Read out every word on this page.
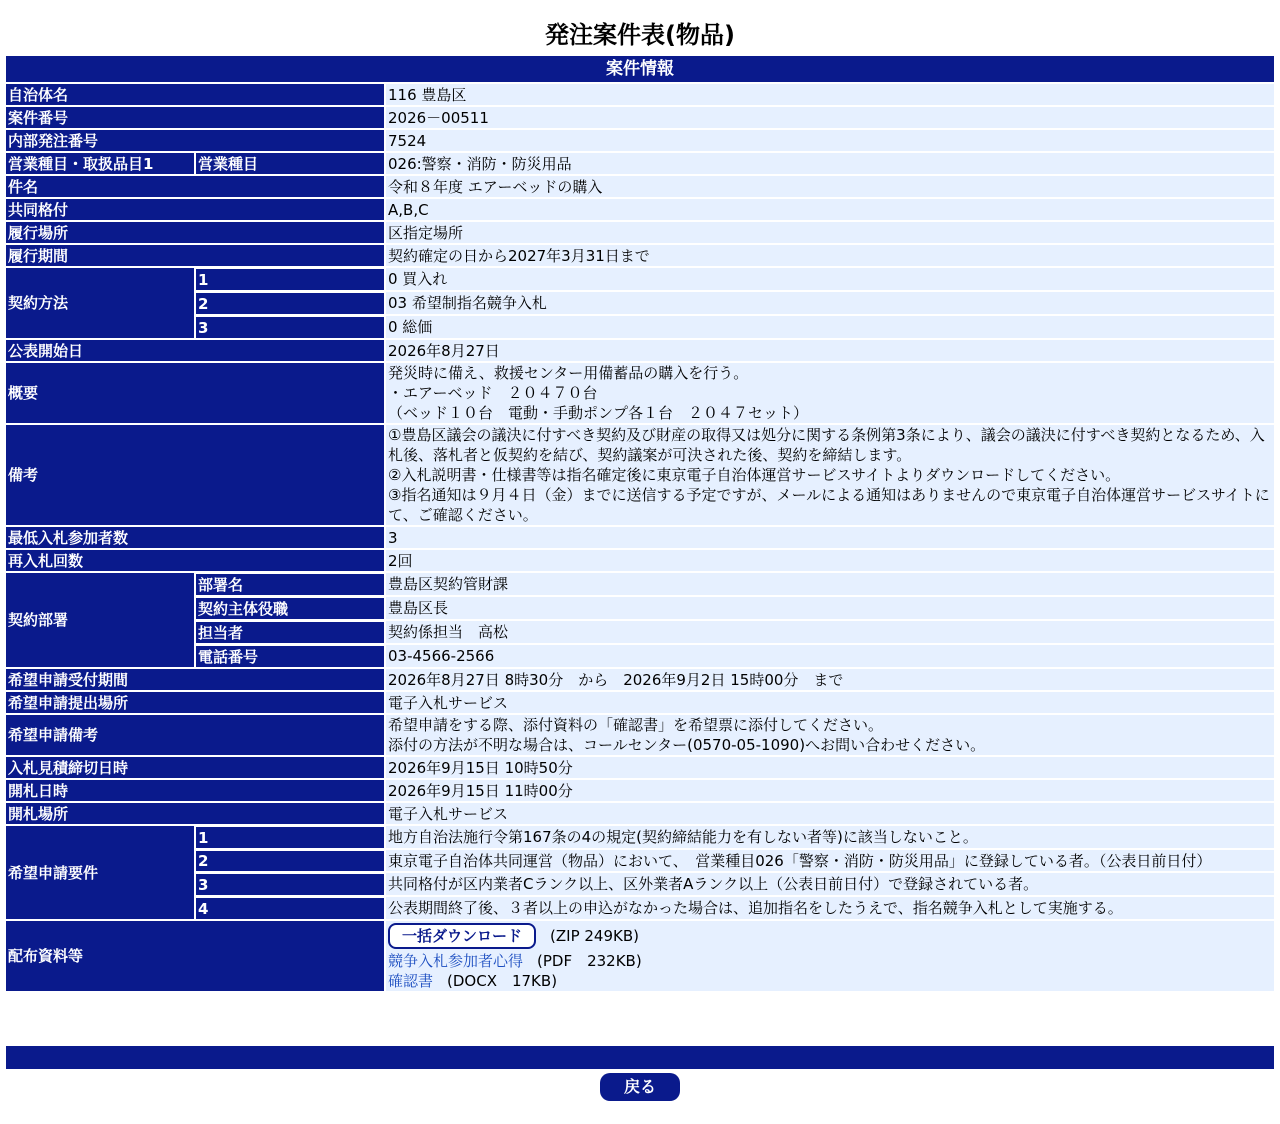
発注案件表(物品)
案件情報		
自治体名		116 豊島区
案件番号		2026－00511
内部発注番号		7524
営業種目・取扱品目1	営業種目	026:警察・消防・防災用品
件名		令和８年度 エアーベッドの購入
共同格付		A,B,C
履行場所		区指定場所
履行期間		契約確定の日から2027年3月31日まで
契約方法	1	0 買入れ
	2	03 希望制指名競争入札
	3	0 総価
公表開始日		2026年8月27日
概要		発災時に備え、救援センター用備蓄品の購入を行う。
・エアーベッド　２０４７０台
（ベッド１０台　電動・手動ポンプ各１台　２０４７セット）

備考		①豊島区議会の議決に付すべき契約及び財産の取得又は処分に関する条例第3条により、議会の議決に付すべき契約となるため、入札後、落札者と仮契約を結び、契約議案が可決された後、契約を締結します。
②入札説明書・仕様書等は指名確定後に東京電子自治体運営サービスサイトよりダウンロードしてください。
③指名通知は９月４日（金）までに送信する予定ですが、メールによる通知はありませんので東京電子自治体運営サービスサイトにて、ご確認ください。

最低入札参加者数		3
再入札回数		2回
契約部署	部署名	豊島区契約管財課
	契約主体役職	豊島区長
	担当者	契約係担当　高松
	電話番号	03-4566-2566
希望申請受付期間		2026年8月27日 8時30分　から　2026年9月2日 15時00分　まで
希望申請提出場所		電子入札サービス
希望申請備考		希望申請をする際、添付資料の「確認書」を希望票に添付してください。
添付の方法が不明な場合は、コールセンター(0570-05-1090)へお問い合わせください。

入札見積締切日時		2026年9月15日 10時50分
開札日時		2026年9月15日 11時00分
開札場所		電子入札サービス
希望申請要件	1	地方自治法施行令第167条の4の規定(契約締結能力を有しない者等)に該当しないこと。
	2	東京電子自治体共同運営（物品）において、　営業種目026「警察・消防・防災用品」に登録している者。（公表日前日付）
	3	共同格付が区内業者Cランク以上、区外業者Aランク以上（公表日前日付）で登録されている者。
	4	公表期間終了後、３者以上の申込がなかった場合は、追加指名をしたうえで、指名競争入札として実施する。
配布資料等		一括ダウンロード (ZIP 249KB)
競争入札参加者心得 (PDF　232KB)
確認書 (DOCX　17KB)
戻る
